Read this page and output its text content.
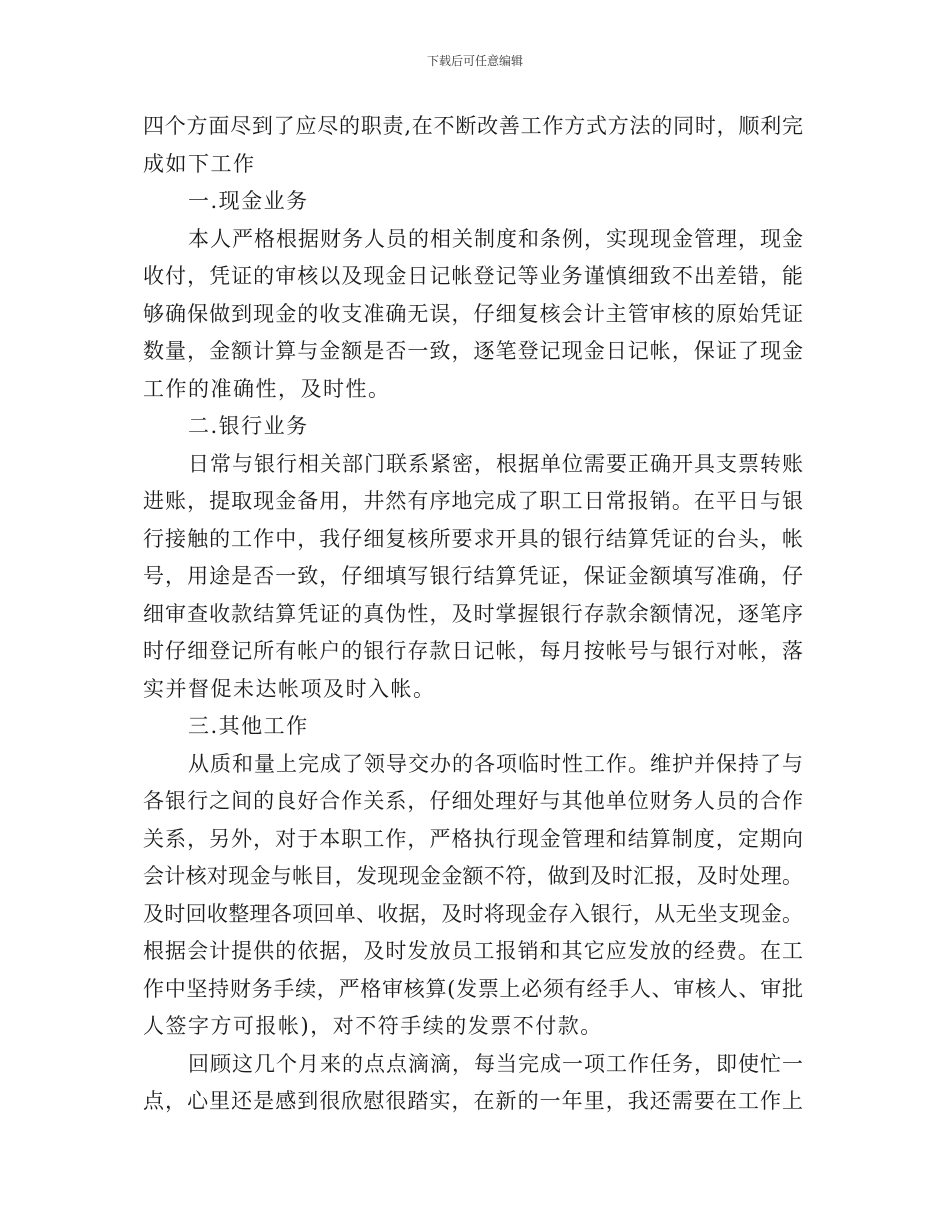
下载后可任意编辑
四个方面尽到了应尽的职责,在不断改善工作方式方法的同时，顺利完
成如下工作
一.现金业务
本人严格根据财务人员的相关制度和条例，实现现金管理，现金
收付，凭证的审核以及现金日记帐登记等业务谨慎细致不出差错，能
够确保做到现金的收支准确无误，仔细复核会计主管审核的原始凭证
数量，金额计算与金额是否一致，逐笔登记现金日记帐，保证了现金
工作的准确性，及时性。
二.银行业务
日常与银行相关部门联系紧密，根据单位需要正确开具支票转账
进账，提取现金备用，井然有序地完成了职工日常报销。在平日与银
行接触的工作中，我仔细复核所要求开具的银行结算凭证的台头，帐
号，用途是否一致，仔细填写银行结算凭证，保证金额填写准确，仔
细审查收款结算凭证的真伪性，及时掌握银行存款余额情况，逐笔序
时仔细登记所有帐户的银行存款日记帐，每月按帐号与银行对帐，落
实并督促未达帐项及时入帐。
三.其他工作
从质和量上完成了领导交办的各项临时性工作。维护并保持了与
各银行之间的良好合作关系，仔细处理好与其他单位财务人员的合作
关系，另外，对于本职工作，严格执行现金管理和结算制度，定期向
会计核对现金与帐目，发现现金金额不符，做到及时汇报，及时处理。
及时回收整理各项回单、收据，及时将现金存入银行，从无坐支现金。
根据会计提供的依据，及时发放员工报销和其它应发放的经费。在工
作中坚持财务手续，严格审核算(发票上必须有经手人、审核人、审批
人签字方可报帐)，对不符手续的发票不付款。
回顾这几个月来的点点滴滴，每当完成一项工作任务，即使忙一
点，心里还是感到很欣慰很踏实，在新的一年里，我还需要在工作上
